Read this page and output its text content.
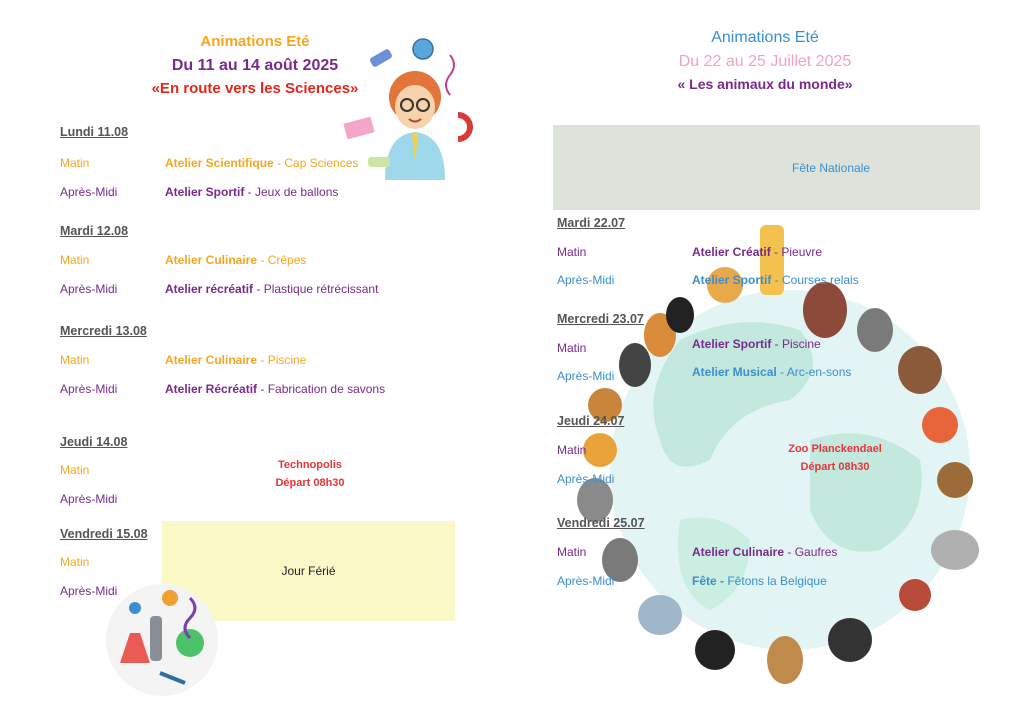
Animations Eté
Du 11 au 14 août 2025
«En route vers les Sciences»
Lundi 11.08
Matin	Atelier Scientifique - Cap Sciences
Après-Midi	Atelier Sportif - Jeux de ballons
Mardi 12.08
Matin	Atelier Culinaire - Crêpes
Après-Midi	Atelier récréatif - Plastique rétrécissant
Mercredi 13.08
Matin	Atelier Culinaire - Piscine
Après-Midi	Atelier Récréatif - Fabrication de savons
Jeudi 14.08
Matin
Après-Midi
Technopolis
Départ 08h30
Vendredi 15.08
Matin
Après-Midi
Jour Férié
Animations Eté
Du 22 au 25 Juillet 2025
« Les animaux du monde»
Fête Nationale
Mardi 22.07
Matin	Atelier Créatif - Pieuvre
Après-Midi	Atelier Sportif - Courses relais
Mercredi 23.07
Matin	Atelier Sportif - Piscine
Après-Midi	Atelier Musical - Arc-en-sons
Jeudi 24.07
Matin
Après-Midi
Zoo Planckendael
Départ 08h30
Vendredi 25.07
Matin	Atelier Culinaire - Gaufres
Après-Midi	Fête - Fêtons la Belgique
